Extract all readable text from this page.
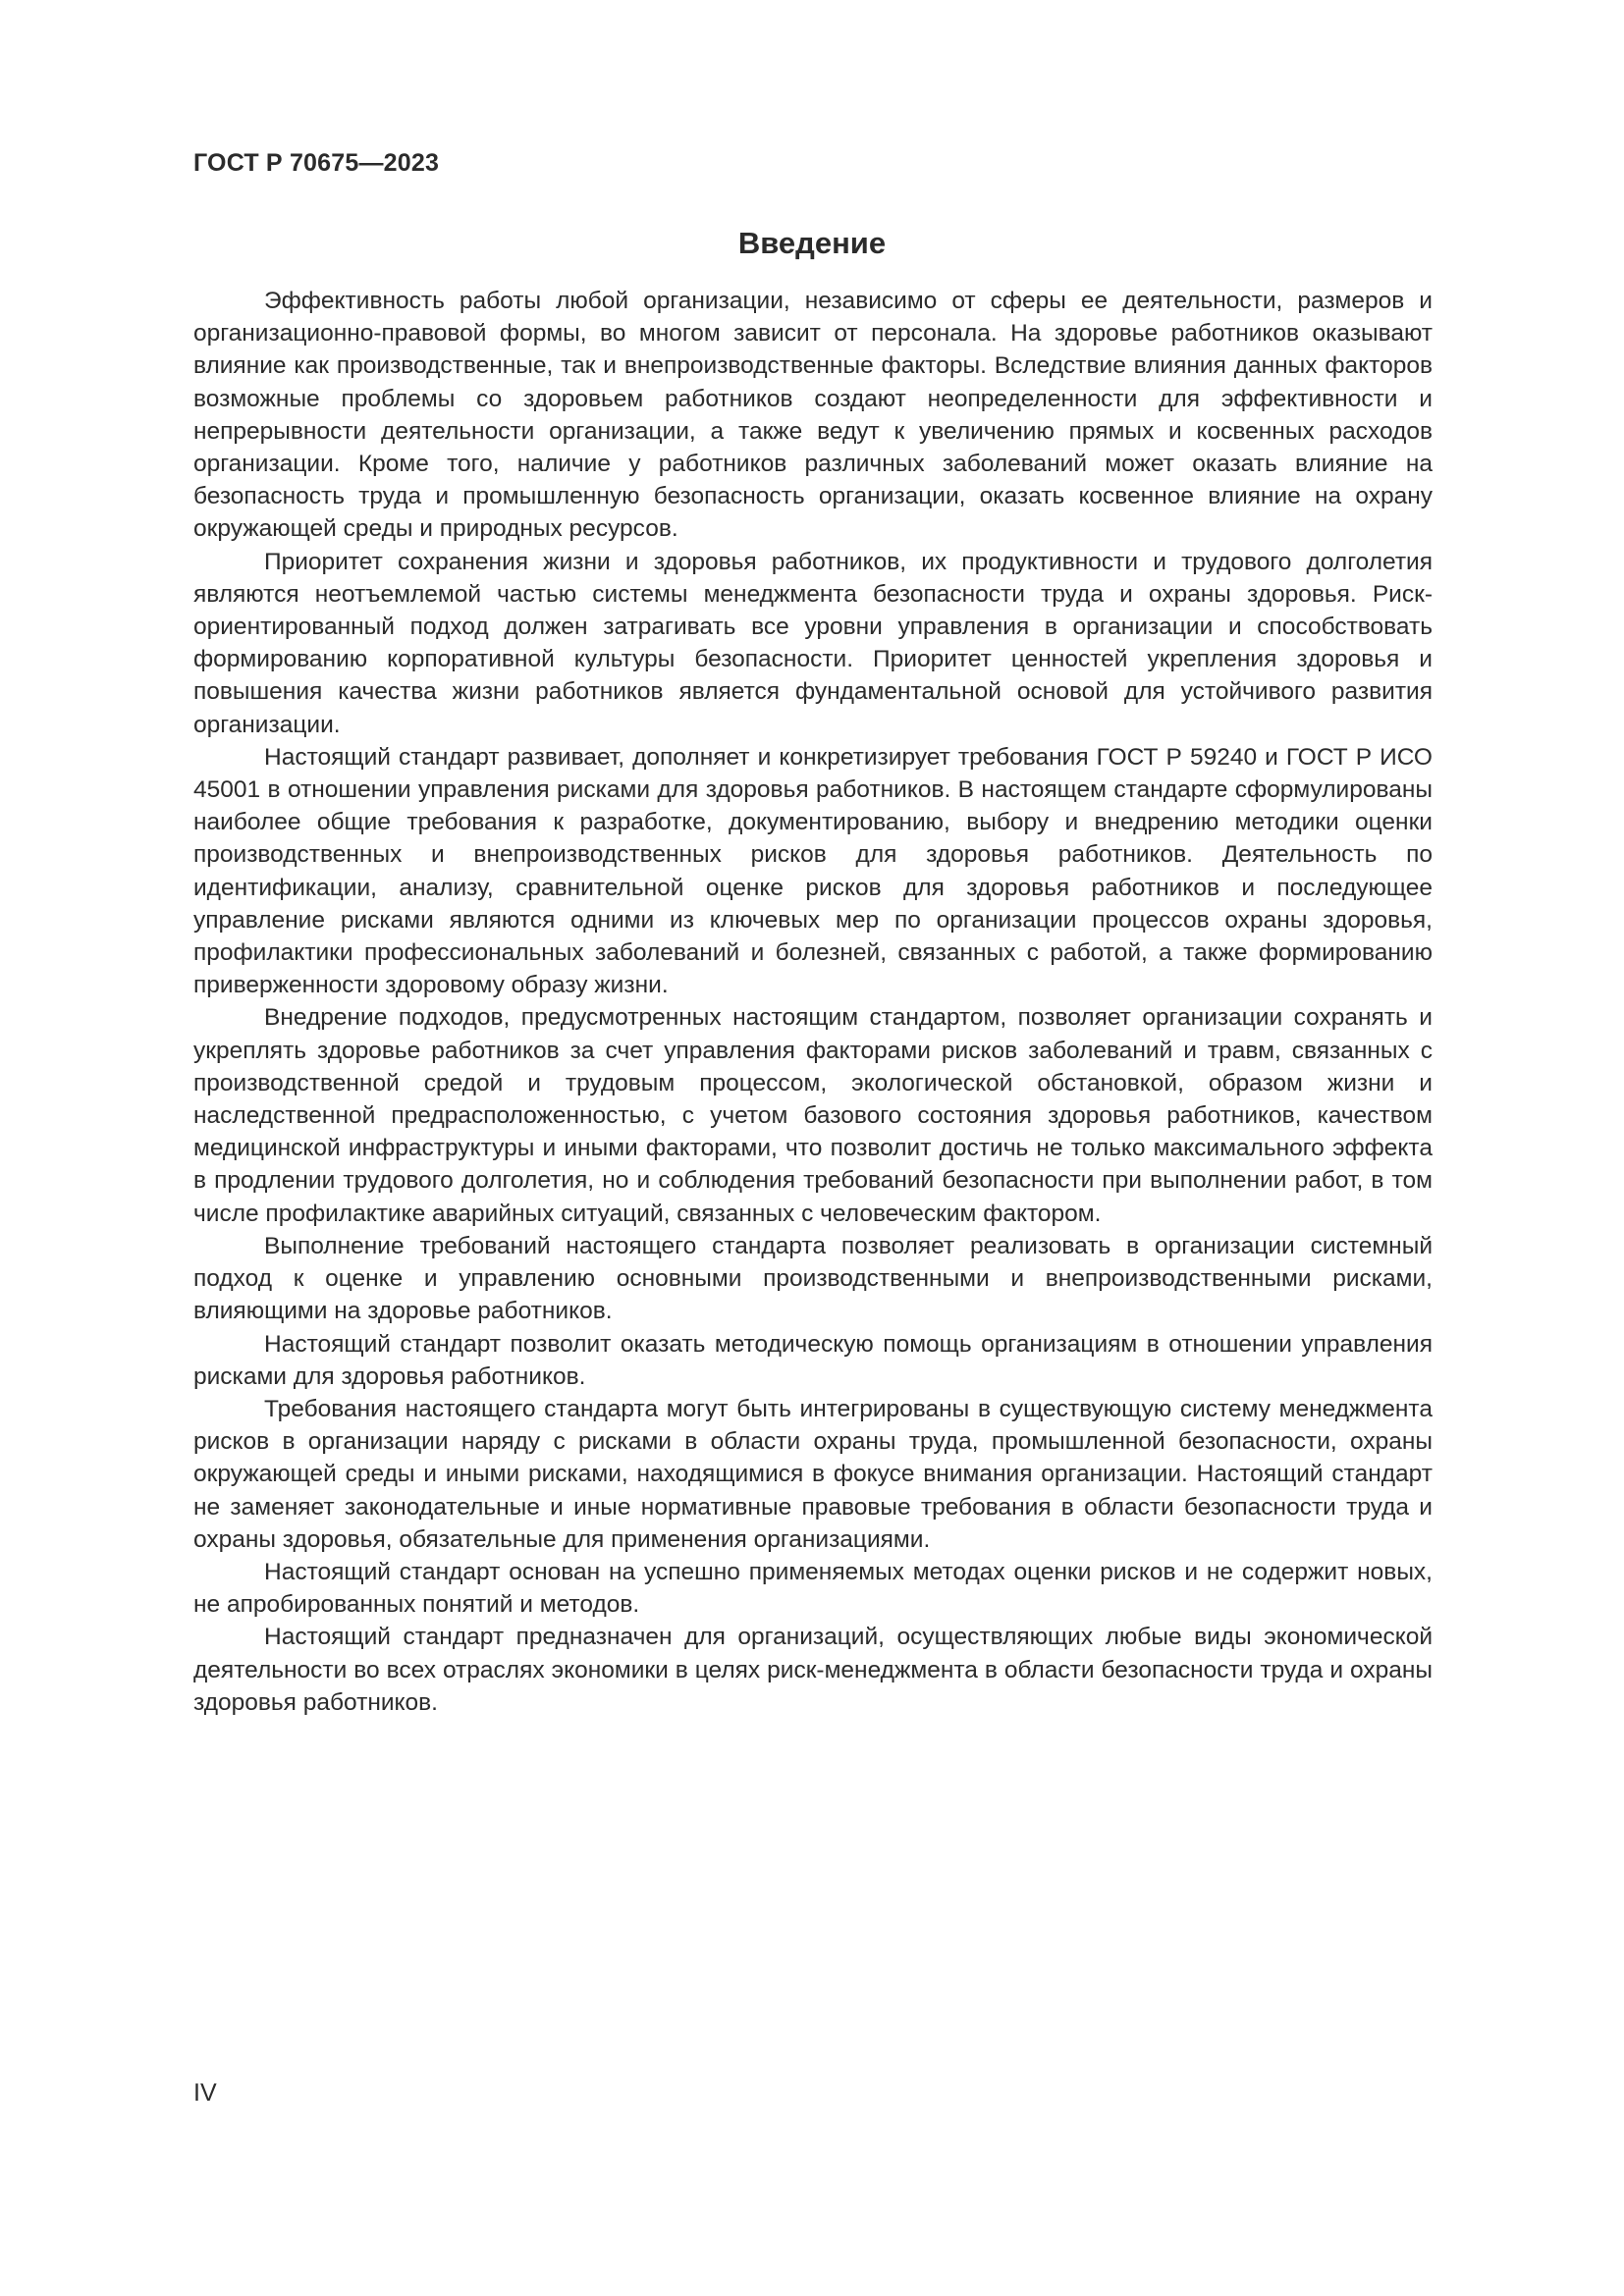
ГОСТ Р 70675—2023

Введение

Эффективность работы любой организации, независимо от сферы ее деятельности, размеров и организационно-правовой формы, во многом зависит от персонала. На здоровье работников оказывают влияние как производственные, так и внепроизводственные факторы. Вследствие влияния данных факторов возможные проблемы со здоровьем работников создают неопределенности для эффективности и непрерывности деятельности организации, а также ведут к увеличению прямых и косвенных расходов организации. Кроме того, наличие у работников различных заболеваний может оказать влияние на безопасность труда и промышленную безопасность организации, оказать косвенное влияние на охрану окружающей среды и природных ресурсов.

Приоритет сохранения жизни и здоровья работников, их продуктивности и трудового долголетия являются неотъемлемой частью системы менеджмента безопасности труда и охраны здоровья. Риск-ориентированный подход должен затрагивать все уровни управления в организации и способствовать формированию корпоративной культуры безопасности. Приоритет ценностей укрепления здоровья и повышения качества жизни работников является фундаментальной основой для устойчивого развития организации.

Настоящий стандарт развивает, дополняет и конкретизирует требования ГОСТ Р 59240 и ГОСТ Р ИСО 45001 в отношении управления рисками для здоровья работников. В настоящем стандарте сформулированы наиболее общие требования к разработке, документированию, выбору и внедрению методики оценки производственных и внепроизводственных рисков для здоровья работников. Деятельность по идентификации, анализу, сравнительной оценке рисков для здоровья работников и последующее управление рисками являются одними из ключевых мер по организации процессов охраны здоровья, профилактики профессиональных заболеваний и болезней, связанных с работой, а также формированию приверженности здоровому образу жизни.

Внедрение подходов, предусмотренных настоящим стандартом, позволяет организации сохранять и укреплять здоровье работников за счет управления факторами рисков заболеваний и травм, связанных с производственной средой и трудовым процессом, экологической обстановкой, образом жизни и наследственной предрасположенностью, с учетом базового состояния здоровья работников, качеством медицинской инфраструктуры и иными факторами, что позволит достичь не только максимального эффекта в продлении трудового долголетия, но и соблюдения требований безопасности при выполнении работ, в том числе профилактике аварийных ситуаций, связанных с человеческим фактором.

Выполнение требований настоящего стандарта позволяет реализовать в организации системный подход к оценке и управлению основными производственными и внепроизводственными рисками, влияющими на здоровье работников.

Настоящий стандарт позволит оказать методическую помощь организациям в отношении управления рисками для здоровья работников.

Требования настоящего стандарта могут быть интегрированы в существующую систему менеджмента рисков в организации наряду с рисками в области охраны труда, промышленной безопасности, охраны окружающей среды и иными рисками, находящимися в фокусе внимания организации. Настоящий стандарт не заменяет законодательные и иные нормативные правовые требования в области безопасности труда и охраны здоровья, обязательные для применения организациями.

Настоящий стандарт основан на успешно применяемых методах оценки рисков и не содержит новых, не апробированных понятий и методов.

Настоящий стандарт предназначен для организаций, осуществляющих любые виды экономической деятельности во всех отраслях экономики в целях риск-менеджмента в области безопасности труда и охраны здоровья работников.

IV
